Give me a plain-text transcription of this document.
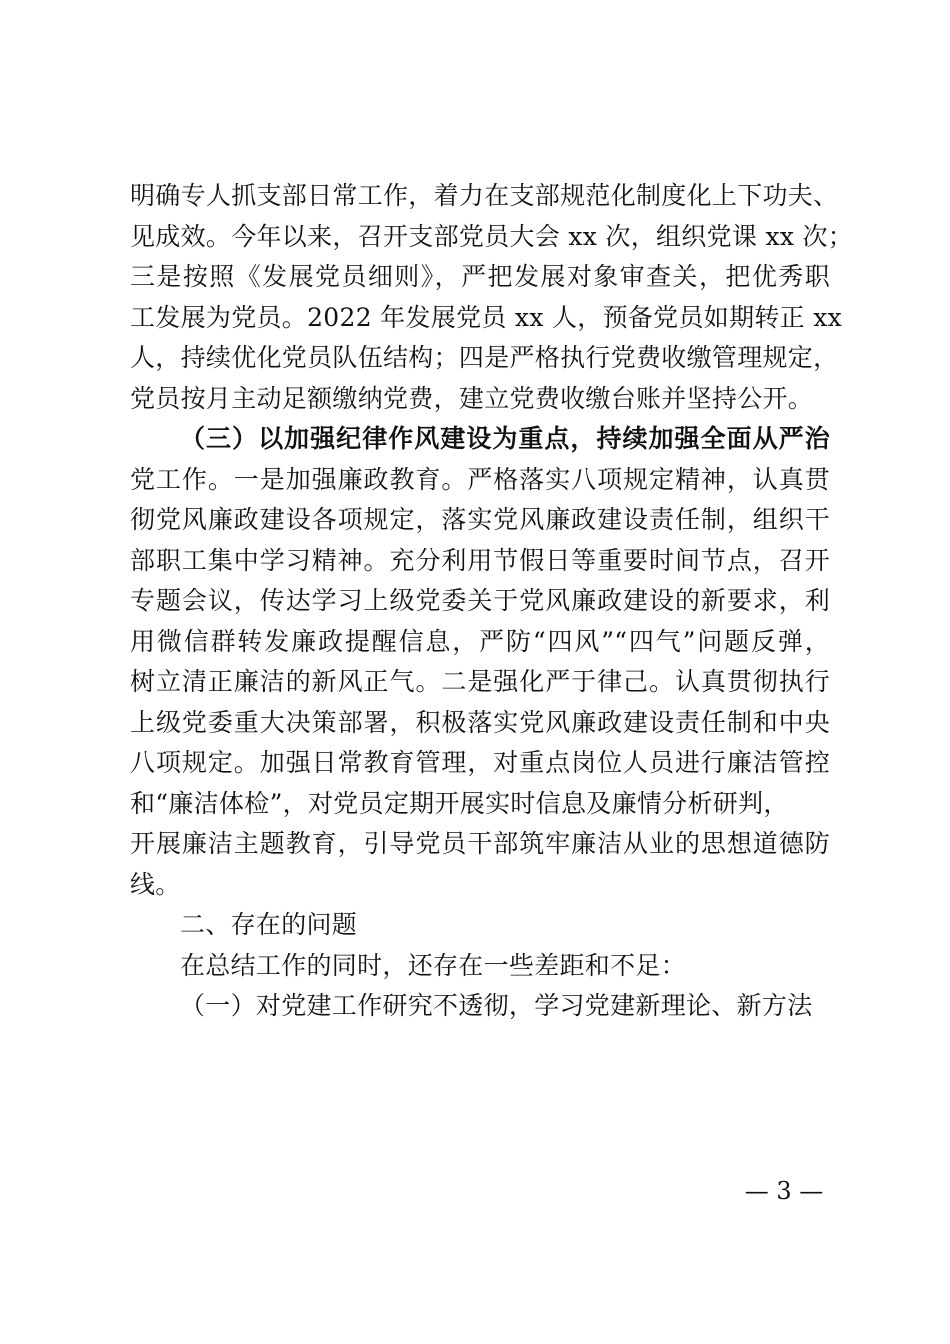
明确专人抓支部日常工作，着力在支部规范化制度化上下功夫、
见成效。今年以来，召开支部党员大会 xx 次，组织党课 xx 次；
三是按照《发展党员细则》，严把发展对象审查关，把优秀职
工发展为党员。2022 年发展党员 xx 人，预备党员如期转正 xx
人，持续优化党员队伍结构；四是严格执行党费收缴管理规定，
党员按月主动足额缴纳党费，建立党费收缴台账并坚持公开。
（三）以加强纪律作风建设为重点，持续加强全面从严治
党工作。一是加强廉政教育。严格落实八项规定精神，认真贯
彻党风廉政建设各项规定，落实党风廉政建设责任制，组织干
部职工集中学习精神。充分利用节假日等重要时间节点，召开
专题会议，传达学习上级党委关于党风廉政建设的新要求，利
用微信群转发廉政提醒信息，严防“四风”“四气”问题反弹，
树立清正廉洁的新风正气。二是强化严于律己。认真贯彻执行
上级党委重大决策部署，积极落实党风廉政建设责任制和中央
八项规定。加强日常教育管理，对重点岗位人员进行廉洁管控
和“廉洁体检”，对党员定期开展实时信息及廉情分析研判，
开展廉洁主题教育，引导党员干部筑牢廉洁从业的思想道德防
线。
二、存在的问题
在总结工作的同时，还存在一些差距和不足：
（一）对党建工作研究不透彻，学习党建新理论、新方法
— 3 —
